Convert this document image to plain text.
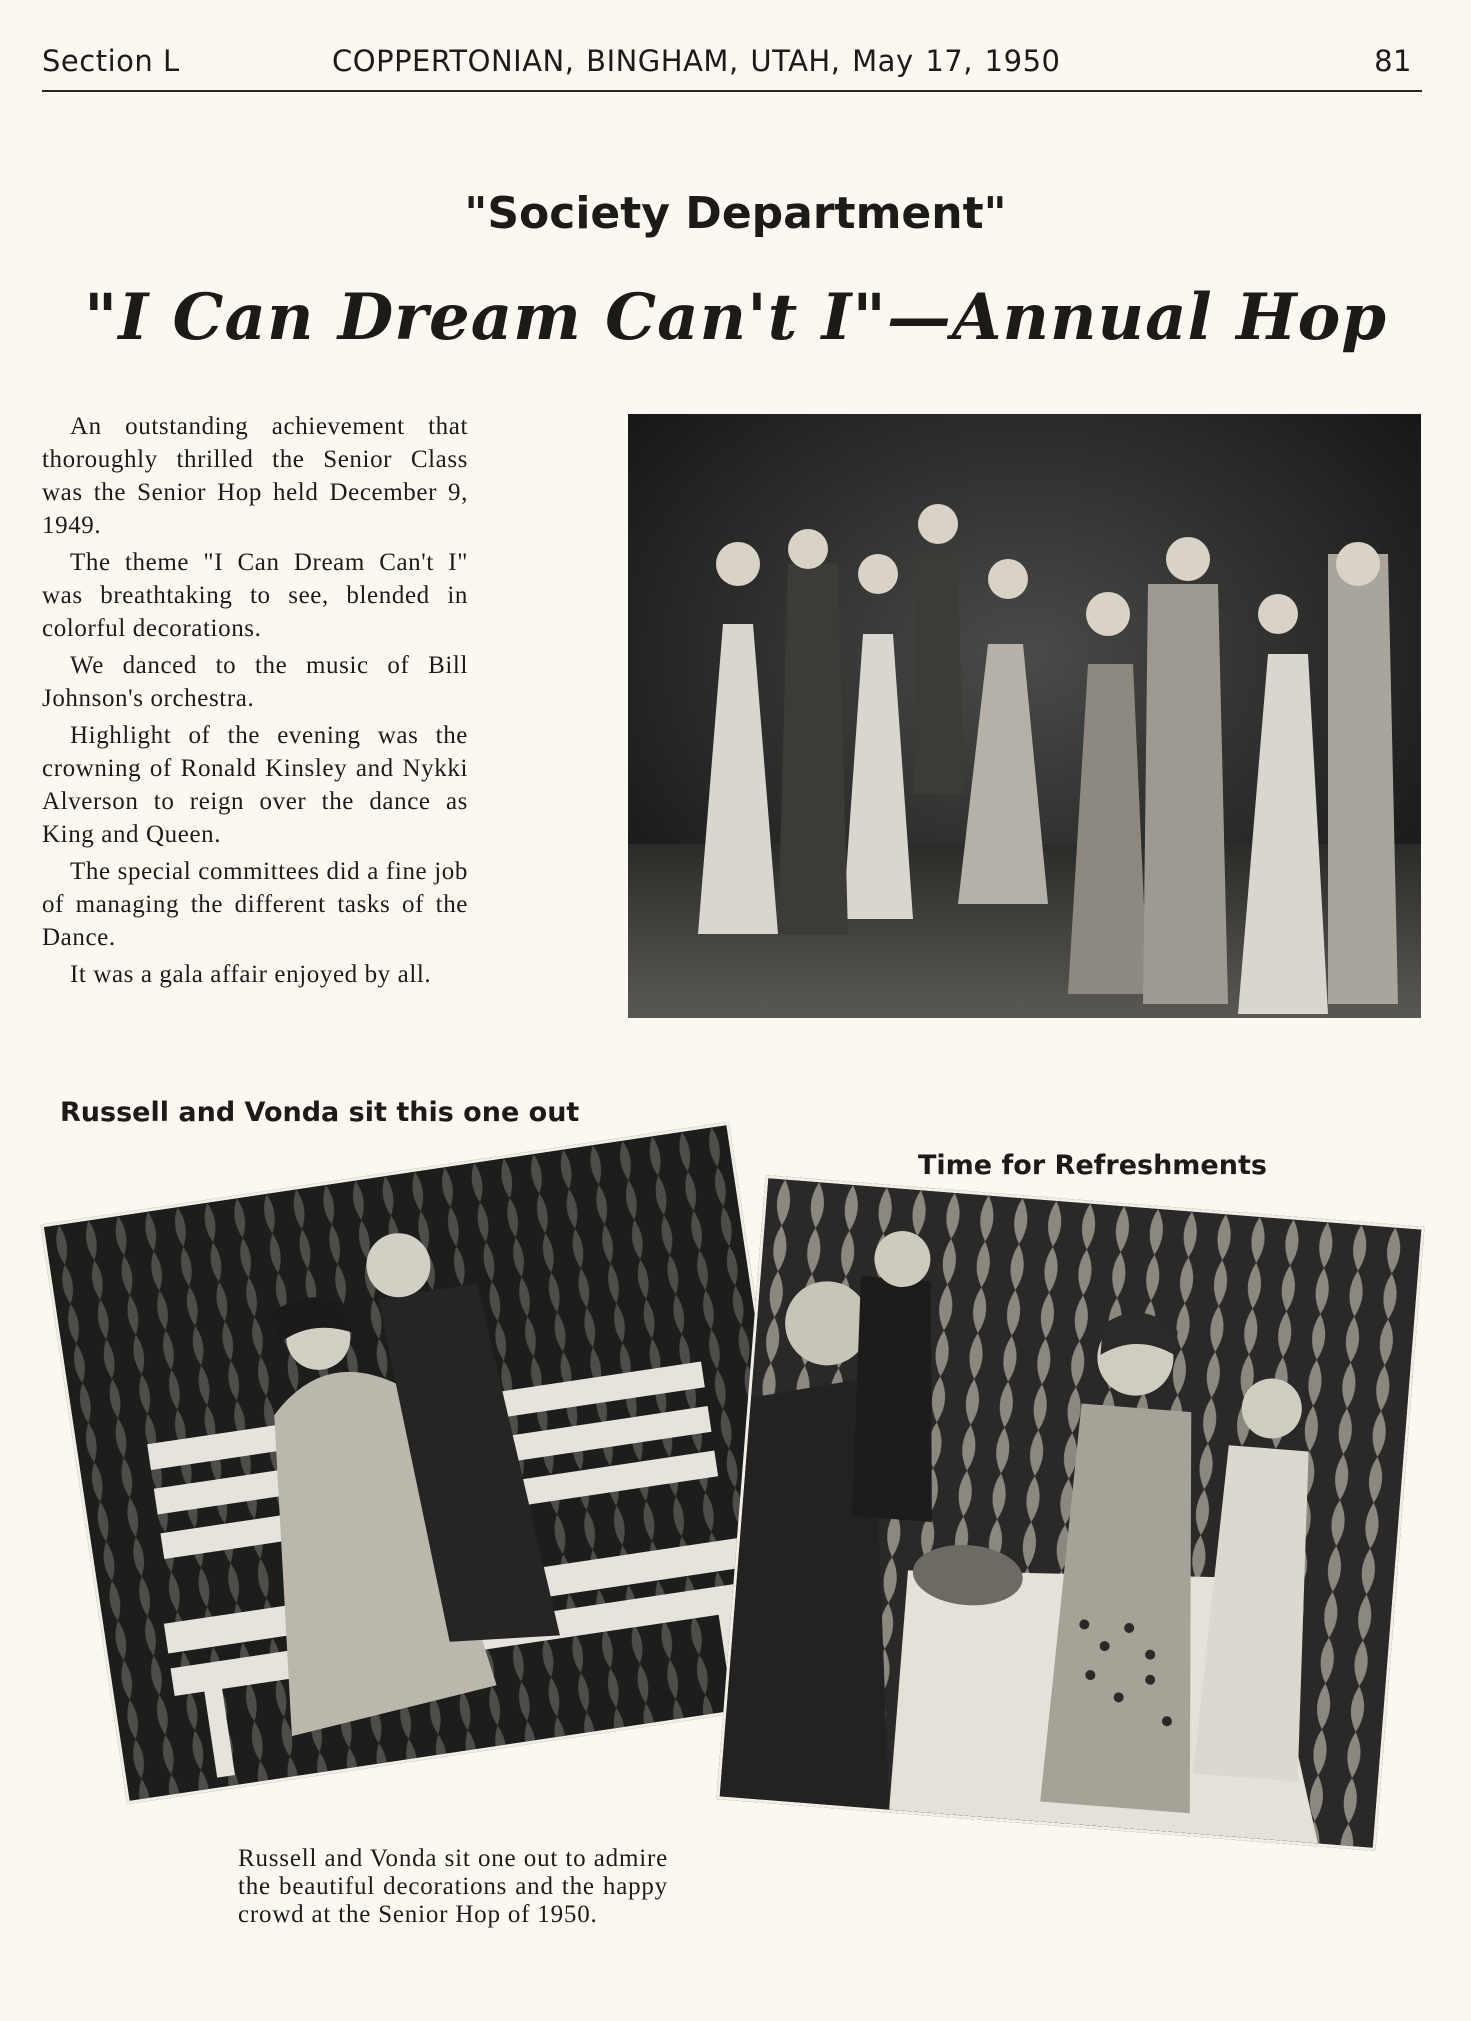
Section L	COPPERTONIAN, BINGHAM, UTAH, May 17, 1950	81
"Society Department"
"I Can Dream Can't I"—Annual Hop

An outstanding achievement that thoroughly thrilled the Senior Class was the Senior Hop held December 9, 1949.

The theme "I Can Dream Can't I" was breathtaking to see, blended in colorful decorations.

We danced to the music of Bill Johnson's orchestra.

Highlight of the evening was the crowning of Ronald Kinsley and Nykki Alverson to reign over the dance as King and Queen.

The special committees did a fine job of managing the different tasks of the Dance.

It was a gala affair enjoyed by all.

Russell and Vonda sit this one out
Time for Refreshments
Russell and Vonda sit one out to admire the beautiful decorations and the happy crowd at the Senior Hop of 1950.
